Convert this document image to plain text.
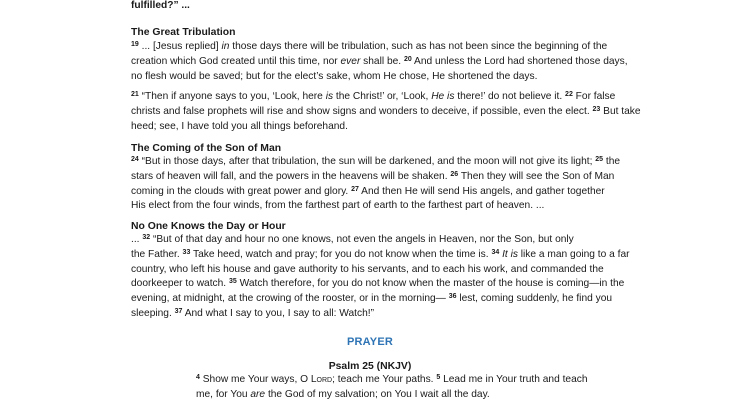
fulfilled?” ...
The Great Tribulation
$^{19}$ ... [Jesus replied] in those days there will be tribulation, such as has not been since the beginning of the
creation which God created until this time, nor ever shall be. $^{20}$ And unless the Lord had shortened those days,
no flesh would be saved; but for the elect’s sake, whom He chose, He shortened the days.
$^{21}$ “Then if anyone says to you, ‘Look, here is the Christ!’ or, ‘Look, He is there!’ do not believe it. $^{22}$ For false
christs and false prophets will rise and show signs and wonders to deceive, if possible, even the elect. $^{23}$ But take
heed; see, I have told you all things beforehand.
The Coming of the Son of Man
$^{24}$ “But in those days, after that tribulation, the sun will be darkened, and the moon will not give its light; $^{25}$ the
stars of heaven will fall, and the powers in the heavens will be shaken. $^{26}$ Then they will see the Son of Man
coming in the clouds with great power and glory. $^{27}$ And then He will send His angels, and gather together
His elect from the four winds, from the farthest part of earth to the farthest part of heaven. ...
No One Knows the Day or Hour
... $^{32}$ “But of that day and hour no one knows, not even the angels in Heaven, nor the Son, but only
the Father. $^{33}$ Take heed, watch and pray; for you do not know when the time is. $^{34}$ It is like a man going to a far
country, who left his house and gave authority to his servants, and to each his work, and commanded the
doorkeeper to watch. $^{35}$ Watch therefore, for you do not know when the master of the house is coming—in the
evening, at midnight, at the crowing of the rooster, or in the morning— $^{36}$ lest, coming suddenly, he find you
sleeping. $^{37}$ And what I say to you, I say to all: Watch!”
PRAYER
Psalm 25 (NKJV)
$^4$ Show me Your ways, O Lord; teach me Your paths. $^5$ Lead me in Your truth and teach
me, for You are the God of my salvation; on You I wait all the day.
